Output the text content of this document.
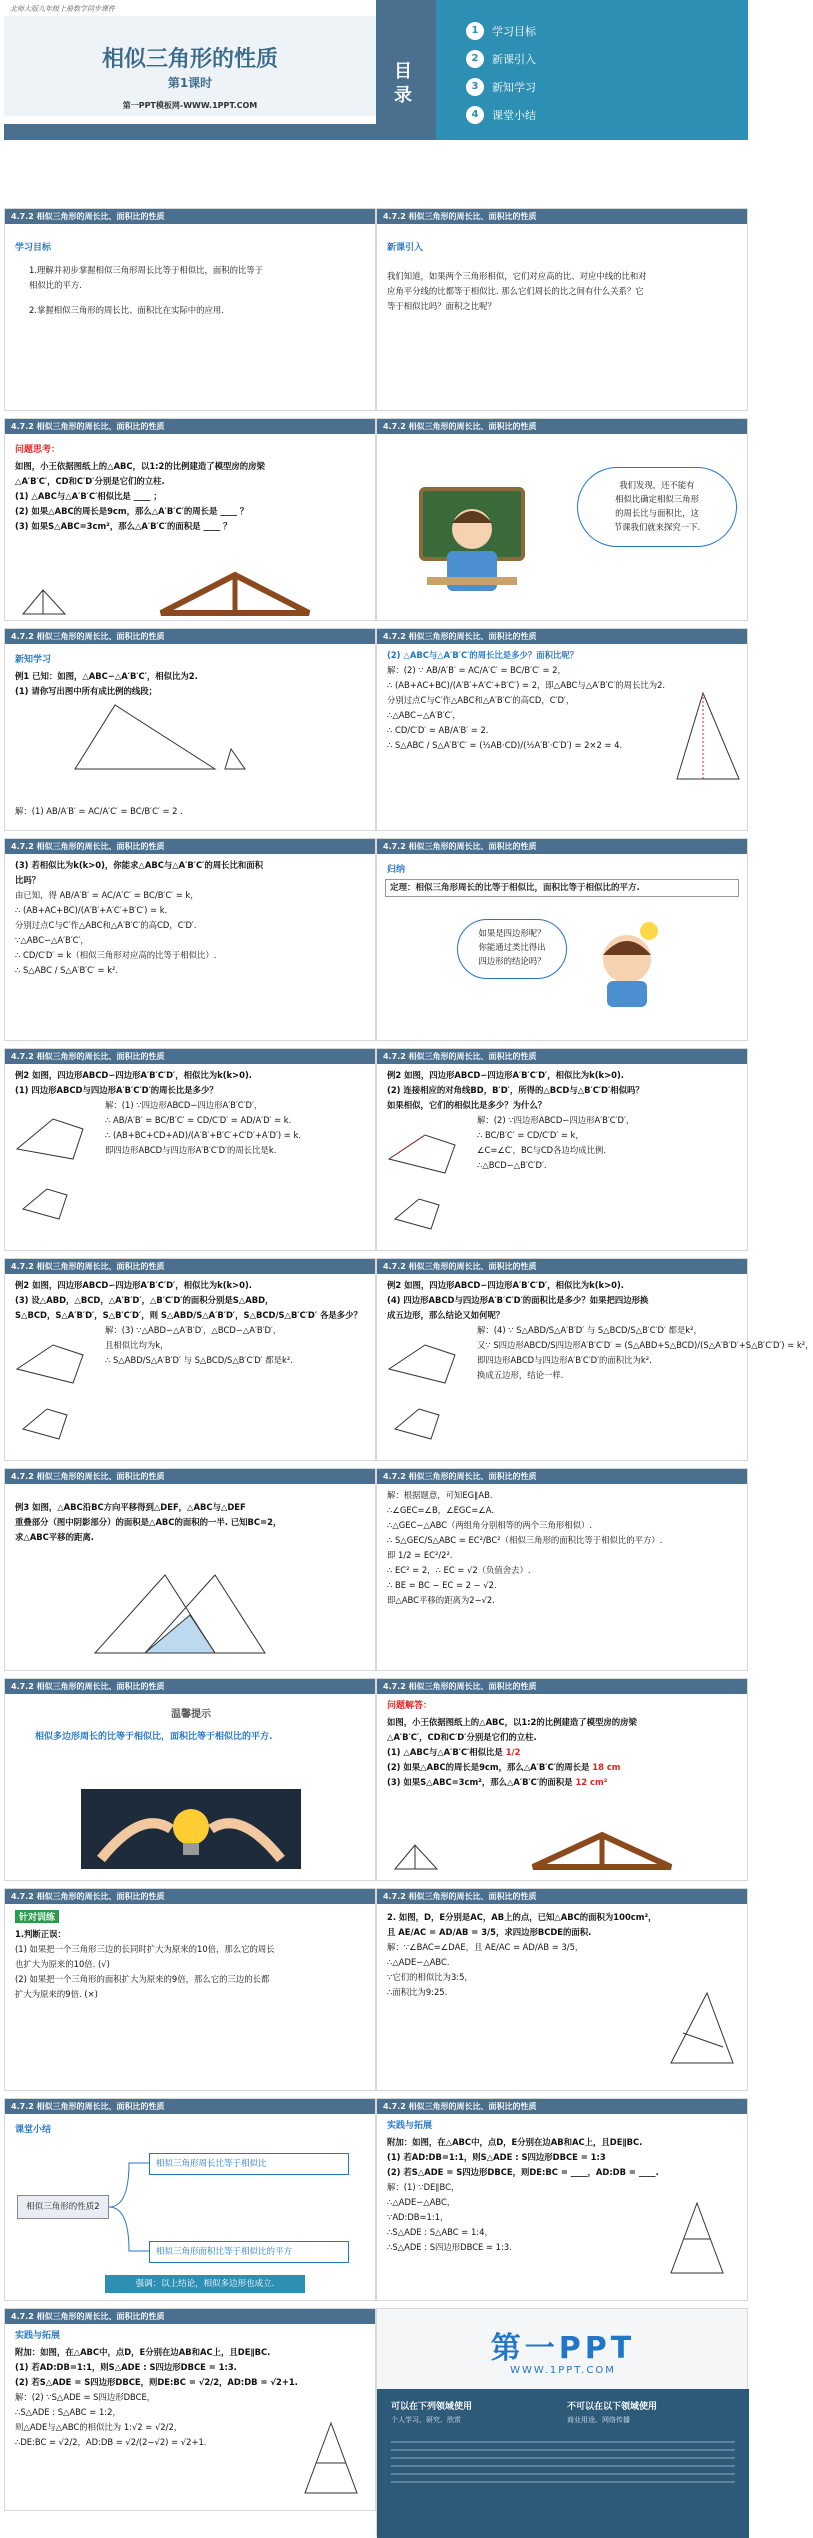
北师大版九年级上册数学同步课件
相似三角形的性质
第1课时
第一PPT模板网-WWW.1PPT.COM
目录
1	学习目标
2	新课引入
3	新知学习
4	课堂小结
4.7.2 相似三角形的周长比、面积比的性质
学习目标
1.理解并初步掌握相似三角形周长比等于相似比，面积的比等于
相似比的平方.
2.掌握相似三角形的周长比、面积比在实际中的应用.
4.7.2 相似三角形的周长比、面积比的性质
新课引入
我们知道，如果两个三角形相似，它们对应高的比、对应中线的比和对
应角平分线的比都等于相似比. 那么它们周长的比之间有什么关系？它
等于相似比吗？面积之比呢？
4.7.2 相似三角形的周长比、面积比的性质
问题思考：
如图，小王依据图纸上的△ABC，以1:2的比例建造了模型房的房梁
△A′B′C′，CD和C′D′分别是它们的立柱.
(1) △ABC与△A′B′C′相似比是 ____ ；
(2) 如果△ABC的周长是9cm，那么△A′B′C′的周长是 ____ ？
(3) 如果S△ABC=3cm²，那么△A′B′C′的面积是 ____ ？
4.7.2 相似三角形的周长比、面积比的性质
我们发现，还不能有
相似比确定相似三角形
的周长比与面积比，这
节课我们就来探究一下.
4.7.2 相似三角形的周长比、面积比的性质
新知学习
例1 已知：如图，△ABC∽△A′B′C′，相似比为2.
(1) 请你写出图中所有成比例的线段；
解：(1) AB/A′B′ = AC/A′C′ = BC/B′C′ = 2 .
4.7.2 相似三角形的周长比、面积比的性质
(2) △ABC与△A′B′C′的周长比是多少？面积比呢？
解：(2) ∵ AB/A′B′ = AC/A′C′ = BC/B′C′ = 2，
∴ (AB+AC+BC)/(A′B′+A′C′+B′C′) = 2，即△ABC与△A′B′C′的周长比为2.
分别过点C与C′作△ABC和△A′B′C′的高CD，C′D′，
∴△ABC∽△A′B′C′，
∴ CD/C′D′ = AB/A′B′ = 2.
∴ S△ABC / S△A′B′C′ = (½AB·CD)/(½A′B′·C′D′) = 2×2 = 4.
4.7.2 相似三角形的周长比、面积比的性质
(3) 若相似比为k(k>0)，你能求△ABC与△A′B′C′的周长比和面积
比吗？
由已知，得 AB/A′B′ = AC/A′C′ = BC/B′C′ = k，
∴ (AB+AC+BC)/(A′B′+A′C′+B′C′) = k.
分别过点C与C′作△ABC和△A′B′C′的高CD，C′D′.
∵△ABC∽△A′B′C′，
∴ CD/C′D′ = k（相似三角形对应高的比等于相似比）.
∴ S△ABC / S△A′B′C′ = k².
4.7.2 相似三角形的周长比、面积比的性质
归纳
定理：相似三角形周长的比等于相似比，面积比等于相似比的平方.
如果是四边形呢？
你能通过类比得出
四边形的结论吗？
4.7.2 相似三角形的周长比、面积比的性质
例2 如图，四边形ABCD∽四边形A′B′C′D′，相似比为k(k>0).
(1) 四边形ABCD与四边形A′B′C′D′的周长比是多少？
解：(1) ∵四边形ABCD∽四边形A′B′C′D′，
∴ AB/A′B′ = BC/B′C′ = CD/C′D′ = AD/A′D′ = k.
∴ (AB+BC+CD+AD)/(A′B′+B′C′+C′D′+A′D′) = k.
即四边形ABCD与四边形A′B′C′D′的周长比是k.
4.7.2 相似三角形的周长比、面积比的性质
例2 如图，四边形ABCD∽四边形A′B′C′D′，相似比为k(k>0).
(2) 连接相应的对角线BD，B′D′，所得的△BCD与△B′C′D′相似吗？
如果相似，它们的相似比是多少？为什么？
解：(2) ∵四边形ABCD∽四边形A′B′C′D′，
∴ BC/B′C′ = CD/C′D′ = k，
∠C=∠C′，BC与CD各边均成比例.
∴△BCD∽△B′C′D′.
4.7.2 相似三角形的周长比、面积比的性质
例2 如图，四边形ABCD∽四边形A′B′C′D′，相似比为k(k>0).
(3) 设△ABD，△BCD，△A′B′D′，△B′C′D′的面积分别是S△ABD，
S△BCD，S△A′B′D′，S△B′C′D′，则 S△ABD/S△A′B′D′，S△BCD/S△B′C′D′ 各是多少？
解：(3) ∵△ABD∽△A′B′D′，△BCD∽△A′B′D′，
且相似比均为k，
∴ S△ABD/S△A′B′D′ 与 S△BCD/S△B′C′D′ 都是k².
4.7.2 相似三角形的周长比、面积比的性质
例2 如图，四边形ABCD∽四边形A′B′C′D′，相似比为k(k>0).
(4) 四边形ABCD与四边形A′B′C′D′的面积比是多少？如果把四边形换
成五边形，那么结论又如何呢？
解：(4) ∵ S△ABD/S△A′B′D′ 与 S△BCD/S△B′C′D′ 都是k²，
又∵ S四边形ABCD/S四边形A′B′C′D′ = (S△ABD+S△BCD)/(S△A′B′D′+S△B′C′D′) = k²，
即四边形ABCD与四边形A′B′C′D′的面积比为k².
换成五边形，结论一样.
4.7.2 相似三角形的周长比、面积比的性质
例3 如图，△ABC沿BC方向平移得到△DEF，△ABC与△DEF
重叠部分（图中阴影部分）的面积是△ABC的面积的一半. 已知BC=2，
求△ABC平移的距离.
4.7.2 相似三角形的周长比、面积比的性质
解：根据题意，可知EG∥AB.
∴∠GEC=∠B，∠EGC=∠A.
∴△GEC∽△ABC（两组角分别相等的两个三角形相似）.
∴ S△GEC/S△ABC = EC²/BC²（相似三角形的面积比等于相似比的平方）.
即 1/2 = EC²/2².
∴ EC² = 2，∴ EC = √2（负值舍去）.
∴ BE = BC − EC = 2 − √2.
即△ABC平移的距离为2−√2.
4.7.2 相似三角形的周长比、面积比的性质
温馨提示
相似多边形周长的比等于相似比，面积比等于相似比的平方.
4.7.2 相似三角形的周长比、面积比的性质
问题解答：
如图，小王依据图纸上的△ABC，以1:2的比例建造了模型房的房梁
△A′B′C′，CD和C′D′分别是它们的立柱.
(1) △ABC与△A′B′C′相似比是 1/2
(2) 如果△ABC的周长是9cm，那么△A′B′C′的周长是 18 cm
(3) 如果S△ABC=3cm²，那么△A′B′C′的面积是 12 cm²
4.7.2 相似三角形的周长比、面积比的性质
针对训练
1.判断正误：
(1) 如果把一个三角形三边的长同时扩大为原来的10倍，那么它的周长
也扩大为原来的10倍. (√)
(2) 如果把一个三角形的面积扩大为原来的9倍，那么它的三边的长都
扩大为原来的9倍. (×)
4.7.2 相似三角形的周长比、面积比的性质
2. 如图，D，E分别是AC，AB上的点，已知△ABC的面积为100cm²，
且 AE/AC = AD/AB = 3/5，求四边形BCDE的面积.
解：∵∠BAC=∠DAE，且 AE/AC = AD/AB = 3/5，
∴△ADE∽△ABC.
∵它们的相似比为3:5，
∴面积比为9:25.
4.7.2 相似三角形的周长比、面积比的性质
课堂小结
相似三角形的性质2
相似三角形周长比等于相似比
相似三角形面积比等于相似比的平方
强调：以上结论，相似多边形也成立.
4.7.2 相似三角形的周长比、面积比的性质
实践与拓展
附加：如图，在△ABC中，点D，E分别在边AB和AC上，且DE∥BC.
(1) 若AD:DB=1:1，则S△ADE : S四边形DBCE = 1:3
(2) 若S△ADE = S四边形DBCE，则DE:BC = ____，AD:DB = ____.
解：(1) ∵DE∥BC，
∴△ADE∽△ABC，
∵AD:DB=1:1，
∴S△ADE : S△ABC = 1:4，
∴S△ADE : S四边形DBCE = 1:3.
4.7.2 相似三角形的周长比、面积比的性质
实践与拓展
附加：如图，在△ABC中，点D，E分别在边AB和AC上，且DE∥BC.
(1) 若AD:DB=1:1，则S△ADE : S四边形DBCE = 1:3.
(2) 若S△ADE = S四边形DBCE，则DE:BC = √2/2，AD:DB = √2+1.
解：(2) ∵S△ADE = S四边形DBCE，
∴S△ADE : S△ABC = 1:2，
则△ADE与△ABC的相似比为 1:√2 = √2/2，
∴DE:BC = √2/2，AD:DB = √2/(2−√2) = √2+1.
第一PPT
WWW.1PPT.COM
可以在下列领域使用
个人学习、研究、欣赏
不可以在以下领域使用
商业用途、网络传播
